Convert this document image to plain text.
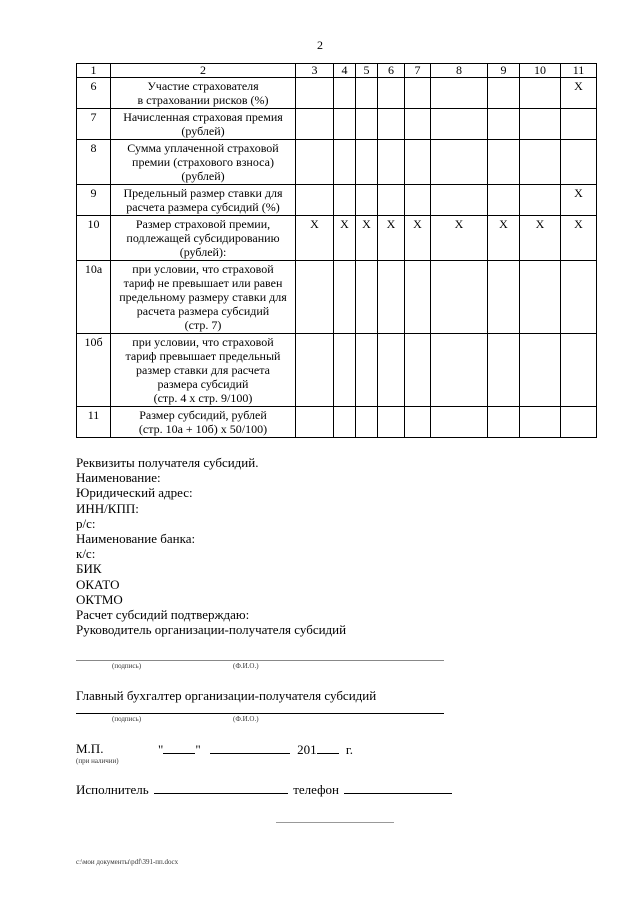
2
1	2	3	4	5	6	7	8	9	10	11
6	Участие страхователя
в страховании рисков (%)									X
7	Начисленная страховая премия
(рублей)									

8	Сумма уплаченной страховой
премии (страхового взноса)
(рублей)									

9	Предельный размер ставки для
расчета размера субсидий (%)									X
10	Размер страховой премии,
подлежащей субсидированию
(рублей):	X	X	X	X	X	X	X	X	X
10а	при условии, что страховой
тариф не превышает или равен
предельному размеру ставки для
расчета размера субсидий
(стр. 7)									

10б	при условии, что страховой
тариф превышает предельный
размер ставки для расчета
размера субсидий
(стр. 4 х стр. 9/100)									

11	Размер субсидий, рублей
(стр. 10а + 10б) х 50/100)									

Реквизиты получателя субсидий.
Наименование:
Юридический адрес:
ИНН/КПП:
р/с:
Наименование банка:
к/с:
БИК
ОКАТО
ОКТМО
Расчет субсидий подтверждаю:
Руководитель организации-получателя субсидий
(подпись)	(Ф.И.О.)
Главный бухгалтер организации-получателя субсидий
(подпись)	(Ф.И.О.)
М.П.
(при наличии)
" "	201 г.
Исполнитель	телефон
c:\мои документы\pdf\391-пп.docx
